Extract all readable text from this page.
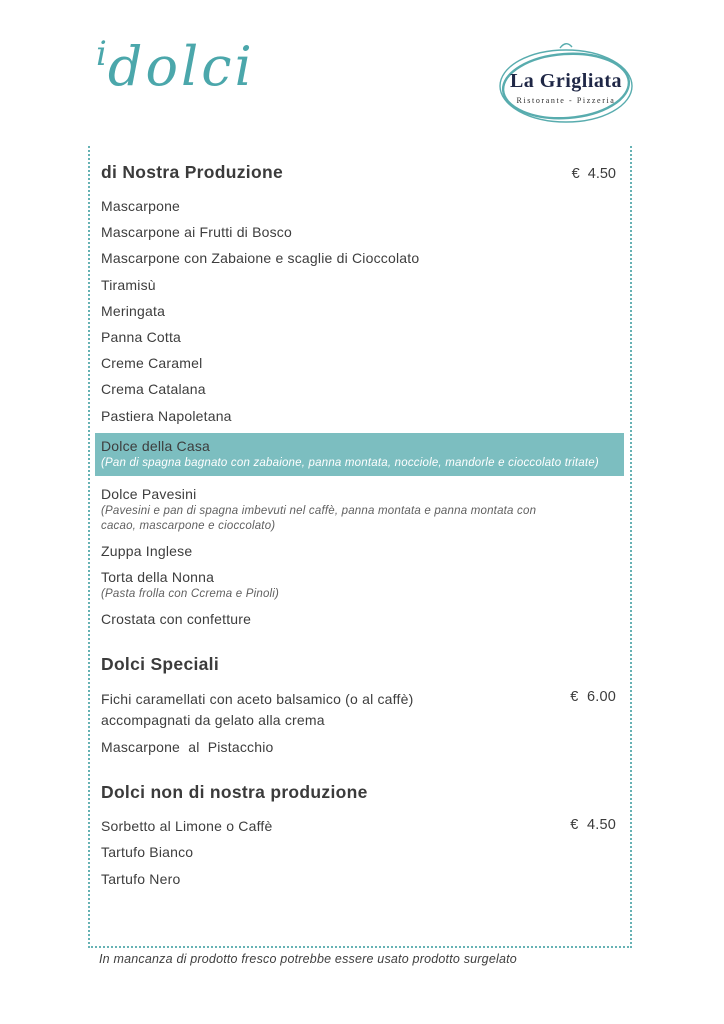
idolci	La Grigliata
Ristorante - Pizzeria
di Nostra Produzione	€  4.50
Mascarpone
Mascarpone ai Frutti di Bosco
Mascarpone con Zabaione e scaglie di Cioccolato
Tiramisù
Meringata
Panna Cotta
Creme Caramel
Crema Catalana
Pastiera Napoletana
Dolce della Casa
(Pan di spagna bagnato con zabaione, panna montata, nocciole, mandorle e cioccolato tritate)
Dolce Pavesini
(Pavesini e pan di spagna imbevuti nel caffè, panna montata e panna montata con cacao, mascarpone e cioccolato)
Zuppa Inglese
Torta della Nonna
(Pasta frolla con Ccrema e Pinoli)
Crostata con confetture
Dolci Speciali
Fichi caramellati con aceto balsamico (o al caffè)
accompagnati da gelato alla crema
€  6.00
Mascarpone  al  Pistacchio
Dolci non di nostra produzione
Sorbetto al Limone o Caffè	€  4.50
Tartufo Bianco
Tartufo Nero
In mancanza di prodotto fresco potrebbe essere usato prodotto surgelato
